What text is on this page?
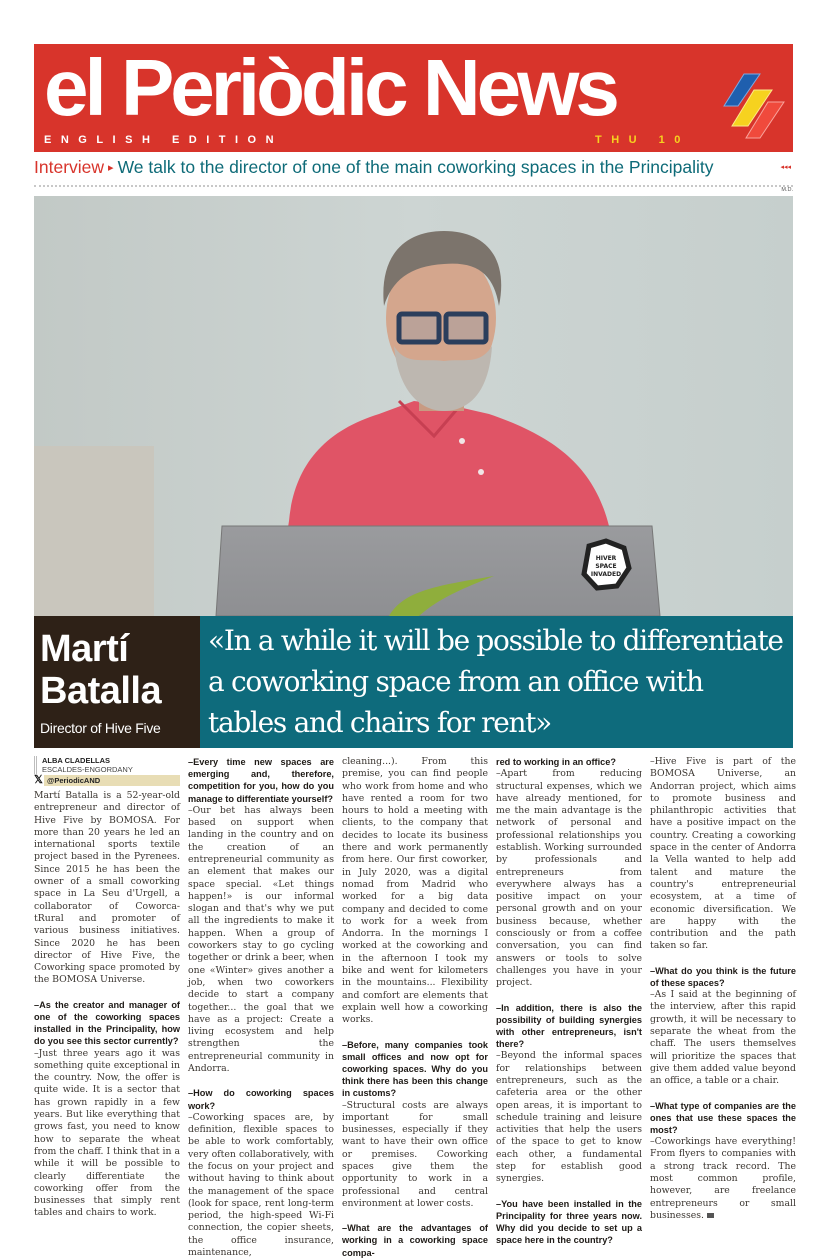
el Periòdic News
ENGLISH EDITION	THU 10
Interview ▸ We talk to the director of one of the main coworking spaces in the Principality	◂◂◂
M.D.
HIVER
SPACE
INVADED
Martí
Batalla
Director of Hive Five
«In a while it will be possible to differentiate a coworking space from an office with tables and chairs for rent»
ALBA CLADELLAS
ESCALDES-ENGORDANY
𝕏 @PeriodicAND

Martí Batalla is a 52-year-old entrepreneur and director of Hive Five by BOMOSA. For more than 20 years he led an international sports textile project based in the Pyrenees. Since 2015 he has been the owner of a small coworking space in La Seu d'Urgell, a collaborator of Coworca-tRural and promoter of various business initiatives. Since 2020 he has been director of Hive Five, the Coworking space promoted by the BOMOSA Universe.

–As the creator and manager of one of the coworking spaces installed in the Principality, how do you see this sector currently?

–Just three years ago it was something quite exceptional in the country. Now, the offer is quite wide. It is a sector that has grown rapidly in a few years. But like everything that grows fast, you need to know how to separate the wheat from the chaff. I think that in a while it will be possible to clearly differentiate the coworking offer from the businesses that simply rent tables and chairs to work.

–Every time new spaces are emerging and, therefore, competition for you, how do you manage to differentiate yourself?

–Our bet has always been based on support when landing in the country and on the creation of an entrepreneurial community as an element that makes our space special. «Let things happen!» is our informal slogan and that's why we put all the ingredients to make it happen. When a group of coworkers stay to go cycling together or drink a beer, when one «Winter» gives another a job, when two coworkers decide to start a company together... the goal that we have as a project: Create a living ecosystem and help strengthen the entrepreneurial community in Andorra.

–How do coworking spaces work?

–Coworking spaces are, by definition, flexible spaces to be able to work comfortably, very often collaboratively, with the focus on your project and without having to think about the management of the space (look for space, rent long-term period, the high-speed Wi-Fi connection, the copier sheets, the office insurance, maintenance,

cleaning...). From this premise, you can find people who work from home and who have rented a room for two hours to hold a meeting with clients, to the company that decides to locate its business there and work permanently from here. Our first coworker, in July 2020, was a digital nomad from Madrid who worked for a big data company and decided to come to work for a week from Andorra. In the mornings I worked at the coworking and in the afternoon I took my bike and went for kilometers in the mountains... Flexibility and comfort are elements that explain well how a coworking works.

–Before, many companies took small offices and now opt for coworking spaces. Why do you think there has been this change in customs?

–Structural costs are always important for small businesses, especially if they want to have their own office or premises. Coworking spaces give them the opportunity to work in a professional and central environment at lower costs.

–What are the advantages of working in a coworking space compa-

red to working in an office?

–Apart from reducing structural expenses, which we have already mentioned, for me the main advantage is the network of personal and professional relationships you establish. Working surrounded by professionals and entrepreneurs from everywhere always has a positive impact on your personal growth and on your business because, whether consciously or from a coffee conversation, you can find answers or tools to solve challenges you have in your project.

–In addition, there is also the possibility of building synergies with other entrepreneurs, isn't there?

–Beyond the informal spaces for relationships between entrepreneurs, such as the cafeteria area or the other open areas, it is important to schedule training and leisure activities that help the users of the space to get to know each other, a fundamental step for establish good synergies.

–You have been installed in the Principality for three years now. Why did you decide to set up a space here in the country?

–Hive Five is part of the BOMOSA Universe, an Andorran project, which aims to promote business and philanthropic activities that have a positive impact on the country. Creating a coworking space in the center of Andorra la Vella wanted to help add talent and mature the country's entrepreneurial ecosystem, at a time of economic diversification. We are happy with the contribution and the path taken so far.

–What do you think is the future of these spaces?

–As I said at the beginning of the interview, after this rapid growth, it will be necessary to separate the wheat from the chaff. The users themselves will prioritize the spaces that give them added value beyond an office, a table or a chair.

–What type of companies are the ones that use these spaces the most?

–Coworkings have everything! From flyers to companies with a strong track record. The most common profile, however, are freelance entrepreneurs or small businesses.
